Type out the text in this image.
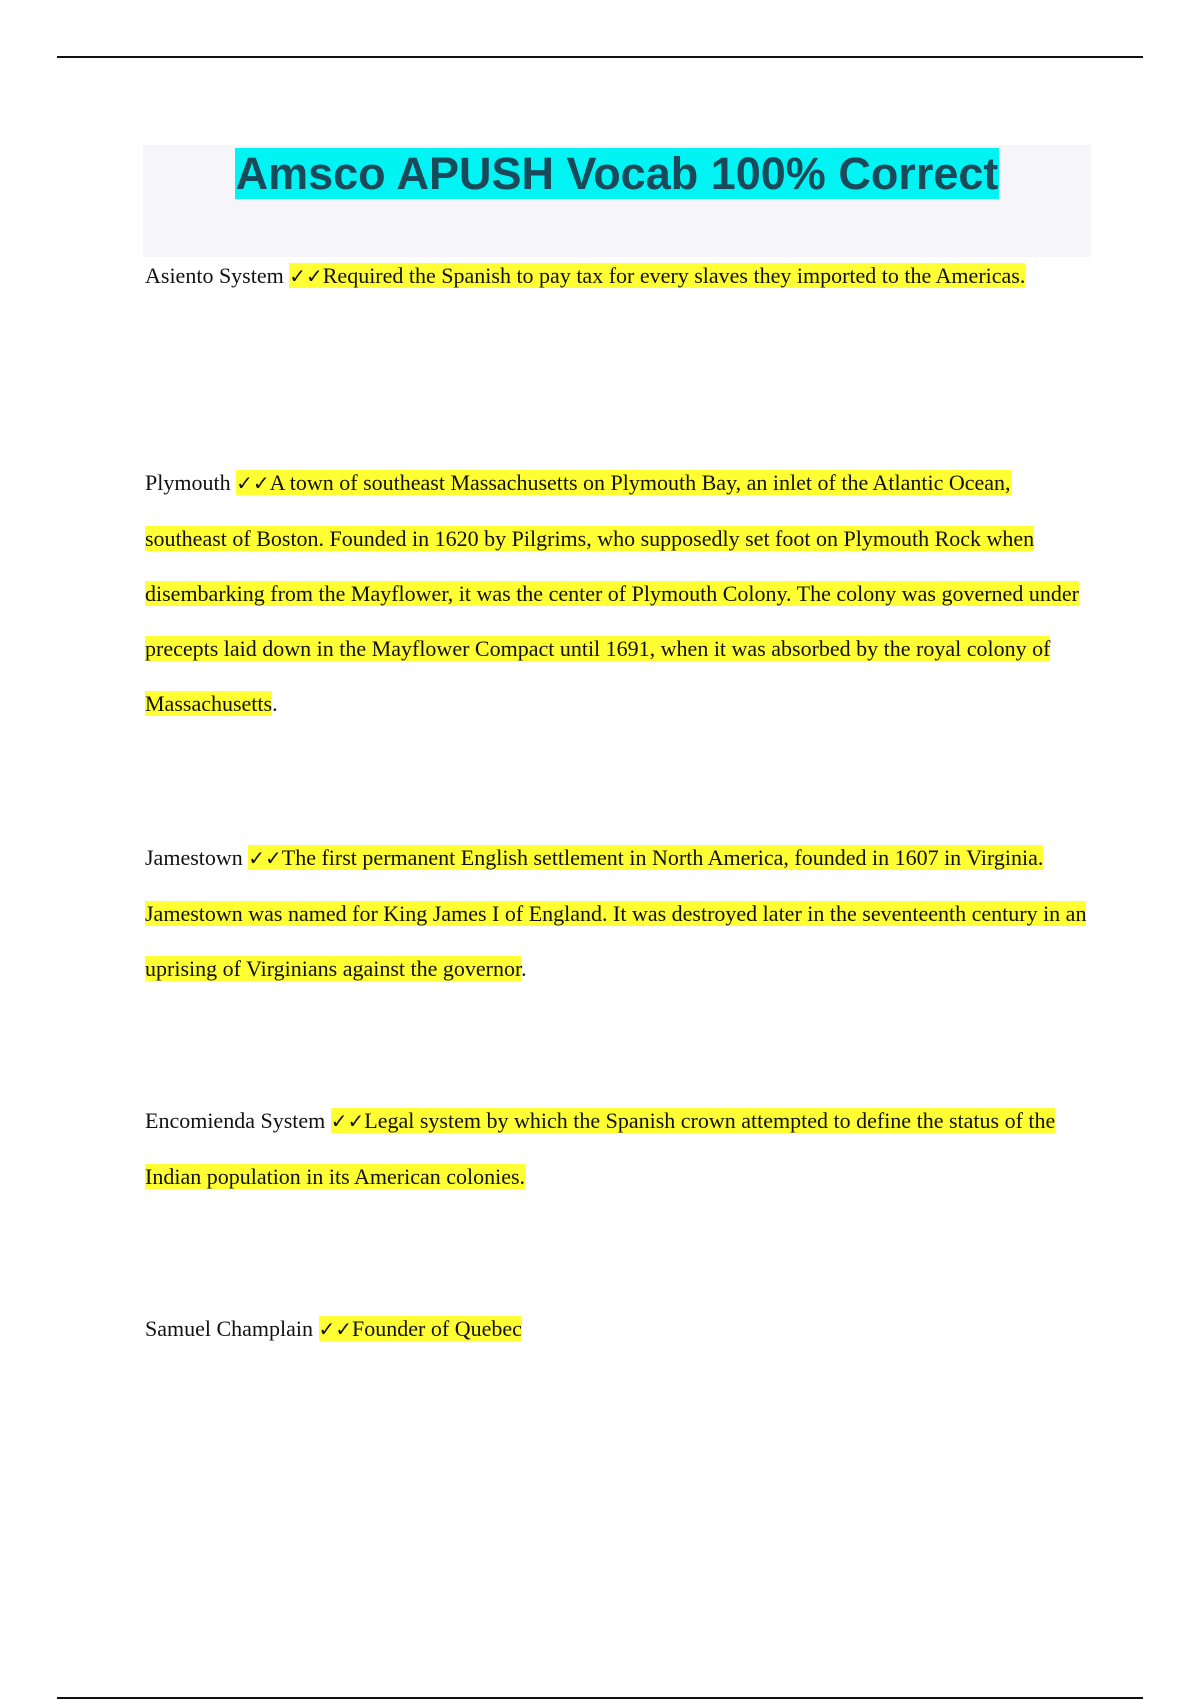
Amsco APUSH Vocab 100% Correct

Asiento System ✓✓Required the Spanish to pay tax for every slaves they imported to the Americas.

Plymouth ✓✓A town of southeast Massachusetts on Plymouth Bay, an inlet of the Atlantic Ocean, southeast of Boston. Founded in 1620 by Pilgrims, who supposedly set foot on Plymouth Rock when disembarking from the Mayflower, it was the center of Plymouth Colony. The colony was governed under precepts laid down in the Mayflower Compact until 1691, when it was absorbed by the royal colony of Massachusetts.

Jamestown ✓✓The first permanent English settlement in North America, founded in 1607 in Virginia. Jamestown was named for King James I of England. It was destroyed later in the seventeenth century in an uprising of Virginians against the governor.

Encomienda System ✓✓Legal system by which the Spanish crown attempted to define the status of the Indian population in its American colonies.

Samuel Champlain ✓✓Founder of Quebec
